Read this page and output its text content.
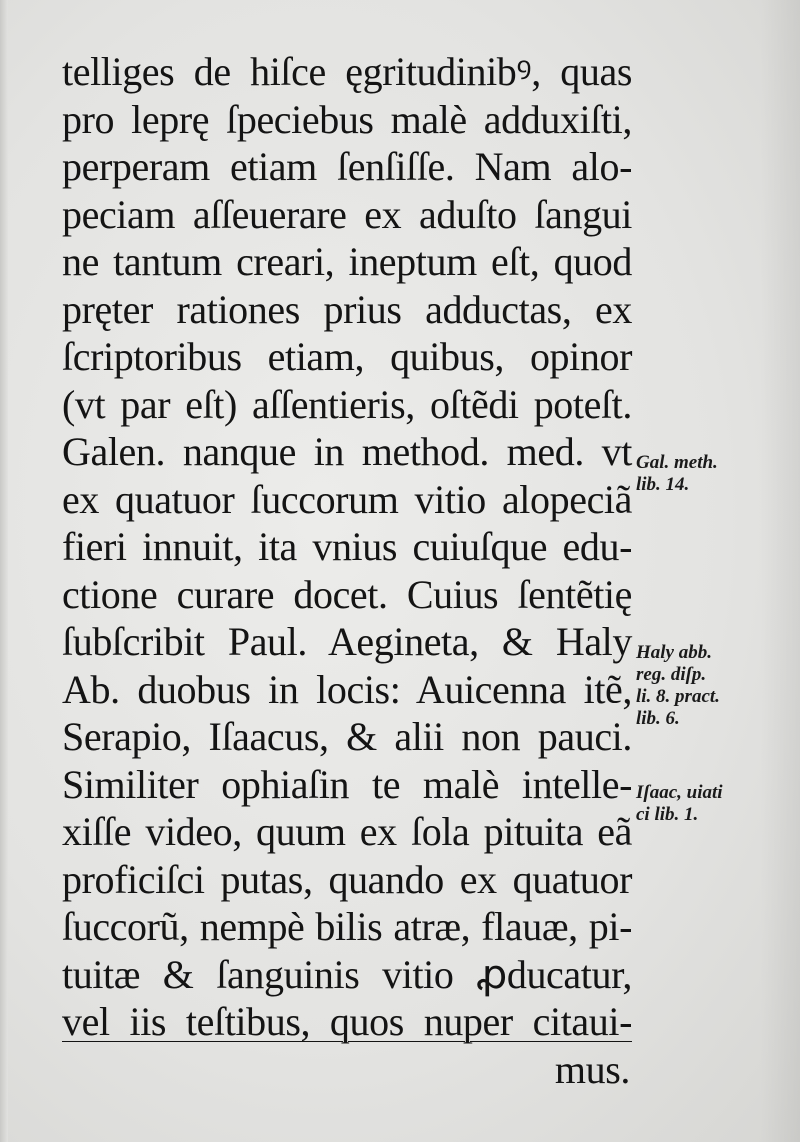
telliges de hiſce ęgritudinibꝰ, quas
pro leprę ſpeciebus malè adduxiſti,
perperam etiam ſenſiſſe. Nam alo-
peciam aſſeuerare ex aduſto ſangui
ne tantum creari, ineptum eſt, quod
pręter rationes prius adductas, ex
ſcriptoribus etiam, quibus, opinor
(vt par eſt) aſſentieris, oſtẽdi poteſt.
Galen. nanque in method. med. vt
ex quatuor ſuccorum vitio alopeciã
fieri innuit, ita vnius cuiuſque edu-
ctione curare docet. Cuius ſentẽtię
ſubſcribit Paul. Aegineta, & Haly
Ab. duobus in locis: Auicenna itẽ,
Serapio, Iſaacus, & alii non pauci.
Similiter ophiaſin te malè intelle-
xiſſe video, quum ex ſola pituita eã
proficiſci putas, quando ex quatuor
ſuccorũ, nempè bilis atræ, flauæ, pi-
tuitæ & ſanguinis vitio ꝓducatur,
vel iis teſtibus, quos nuper citaui-
mus.
Gal. meth.
lib. 14.
Haly abb.
reg. diſp.
li. 8. pract.
lib. 6.
Iſaac, uiati
ci lib. 1.
